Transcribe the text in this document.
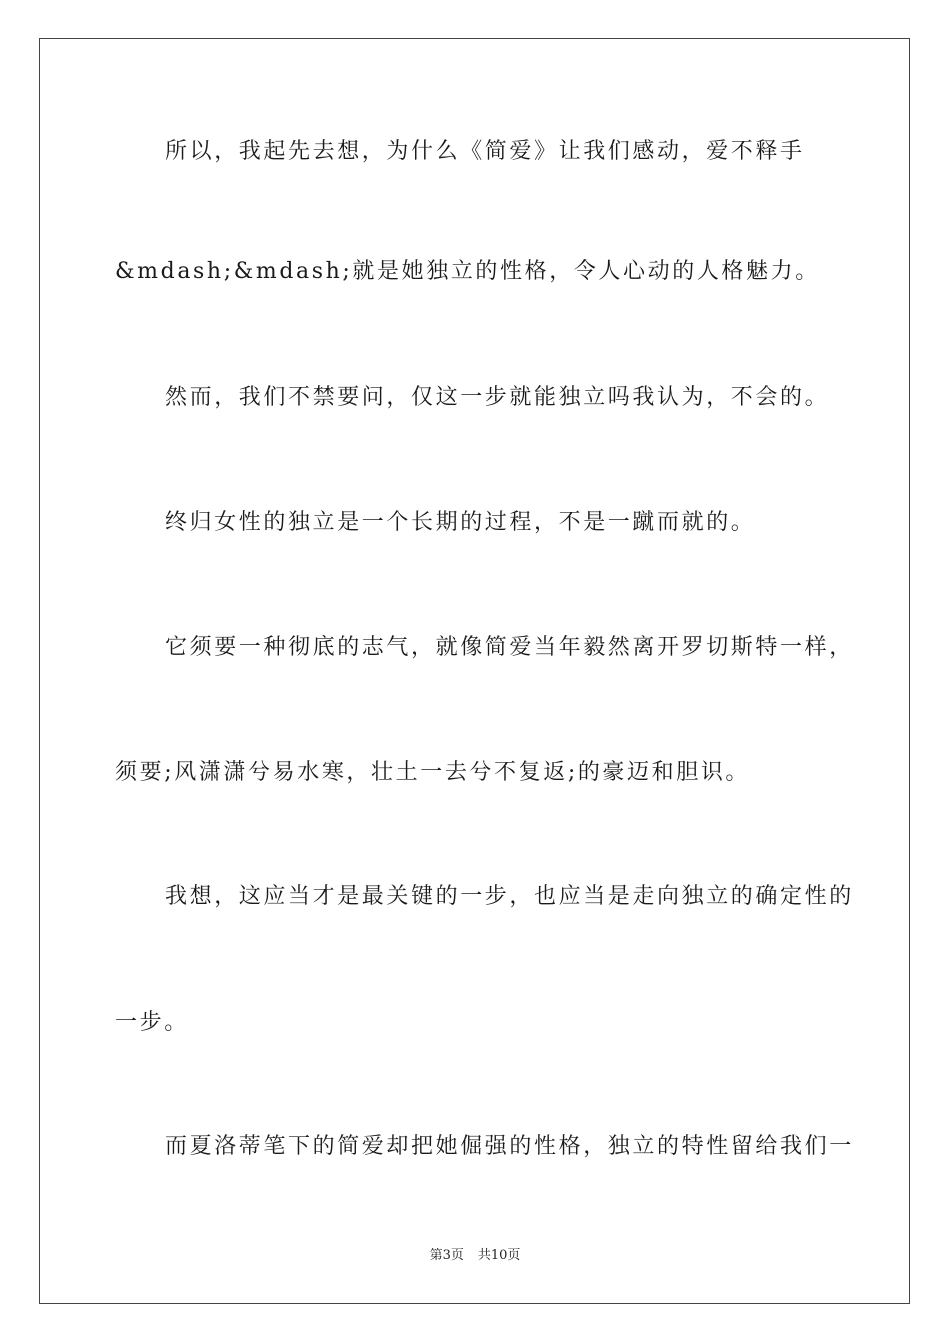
所以，我起先去想，为什么《简爱》让我们感动，爱不释手
&mdash;&mdash;就是她独立的性格，令人心动的人格魅力。
然而，我们不禁要问，仅这一步就能独立吗我认为，不会的。
终归女性的独立是一个长期的过程，不是一蹴而就的。
它须要一种彻底的志气，就像简爱当年毅然离开罗切斯特一样，
须要;风潇潇兮易水寒，壮土一去兮不复返;的豪迈和胆识。
我想，这应当才是最关键的一步，也应当是走向独立的确定性的
一步。
而夏洛蒂笔下的简爱却把她倔强的性格，独立的特性留给我们一
第3页 共10页
